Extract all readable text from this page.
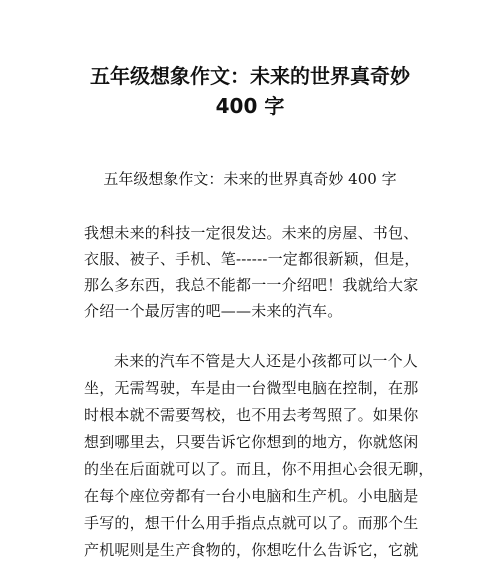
五年级想象作文：未来的世界真奇妙
400 字
五年级想象作文：未来的世界真奇妙 400 字
我想未来的科技一定很发达。未来的房屋、书包、
衣服、被子、手机、笔------一定都很新颖，但是，
那么多东西，我总不能都一一介绍吧！我就给大家
介绍一个最厉害的吧——未来的汽车。
未来的汽车不管是大人还是小孩都可以一个人
坐，无需驾驶，车是由一台微型电脑在控制，在那
时根本就不需要驾校，也不用去考驾照了。如果你
想到哪里去，只要告诉它你想到的地方，你就悠闲
的坐在后面就可以了。而且，你不用担心会很无聊，
在每个座位旁都有一台小电脑和生产机。小电脑是
手写的，想干什么用手指点点就可以了。而那个生
产机呢则是生产食物的，你想吃什么告诉它，它就
